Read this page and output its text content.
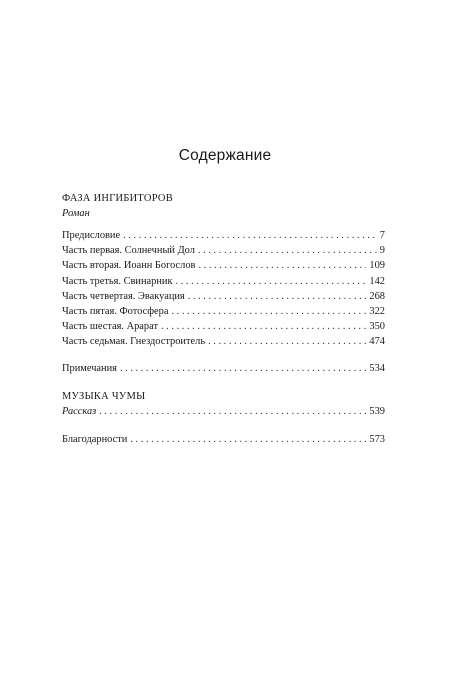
Содержание
ФАЗА ИНГИБИТОРОВ
Роман
Предисловие . . .	7
Часть первая. Солнечный Дол . . .	9
Часть вторая. Иоанн Богослов . . .	109
Часть третья. Свинарник . . .	142
Часть четвертая. Эвакуация . . .	268
Часть пятая. Фотосфера . . .	322
Часть шестая. Арарат . . .	350
Часть седьмая. Гнездостроитель . . .	474
Примечания . . .	534
МУЗЫКА ЧУМЫ
Рассказ . . .	539
Благодарности . . .	573
